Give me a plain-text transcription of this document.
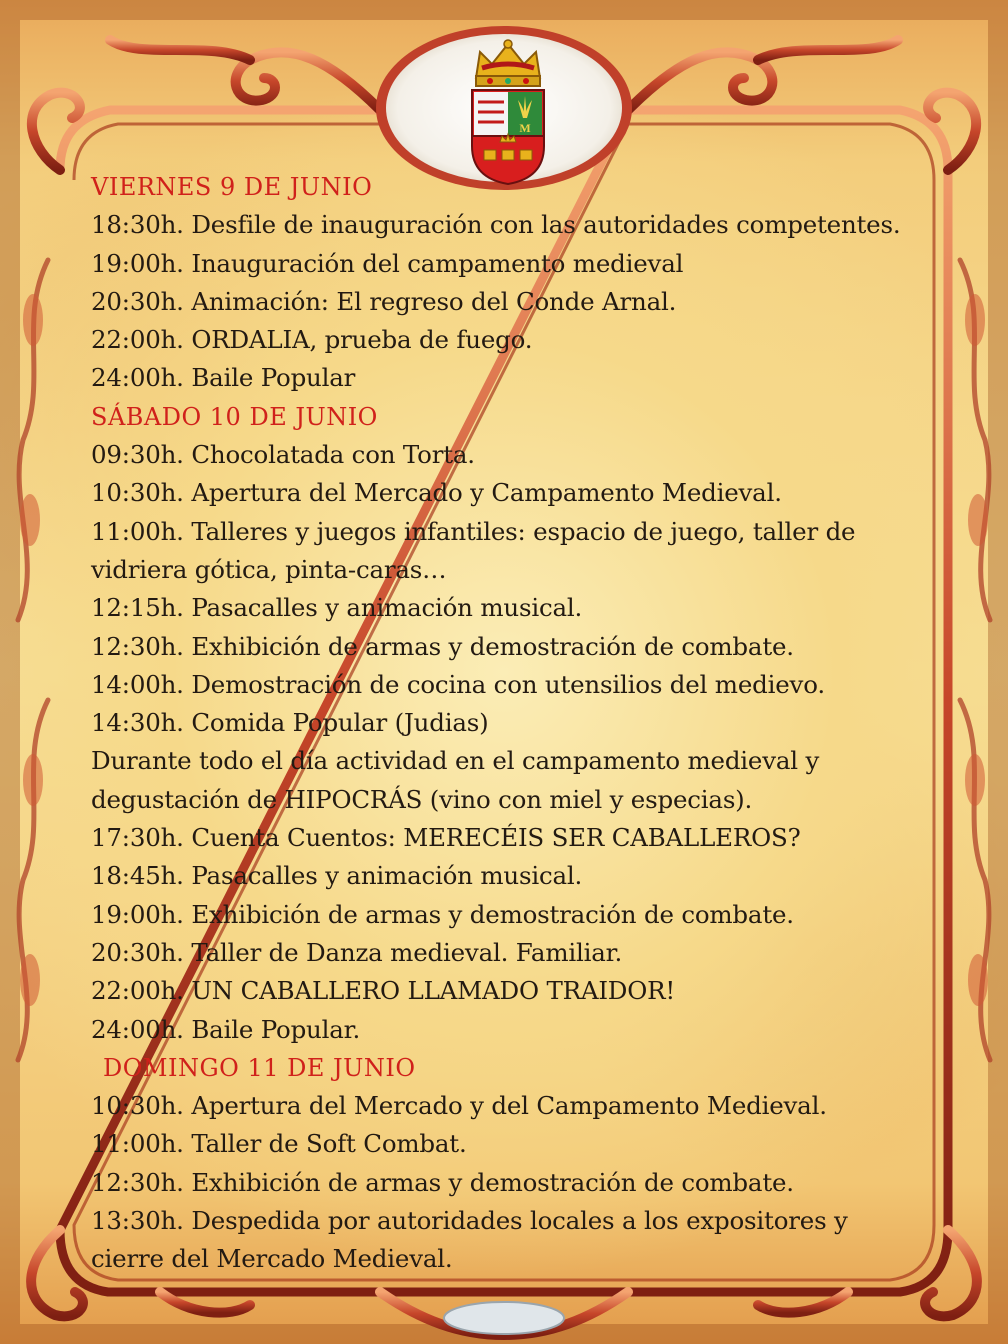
M
VIERNES 9 DE JUNIO
18:30h. Desfile de inauguración con las autoridades competentes.
19:00h. Inauguración del campamento medieval
20:30h. Animación: El regreso del Conde Arnal.
22:00h. ORDALIA, prueba de fuego.
24:00h. Baile Popular
SÁBADO 10 DE JUNIO
09:30h. Chocolatada con Torta.
10:30h. Apertura del Mercado y Campamento Medieval.
11:00h. Talleres y juegos infantiles: espacio de juego, taller de
vidriera gótica, pinta-caras…
12:15h. Pasacalles y animación musical.
12:30h. Exhibición de armas y demostración de combate.
14:00h. Demostración de cocina con utensilios del medievo.
14:30h. Comida Popular (Judias)
Durante todo el día actividad en el campamento medieval y
degustación de HIPOCRÁS (vino con miel y especias).
17:30h. Cuenta Cuentos: MERECÉIS SER CABALLEROS?
18:45h. Pasacalles y animación musical.
19:00h. Exhibición de armas y demostración de combate.
20:30h. Taller de Danza medieval. Familiar.
22:00h. UN CABALLERO LLAMADO TRAIDOR!
24:00h. Baile Popular.
DOMINGO 11 DE JUNIO
10:30h. Apertura del Mercado y del Campamento Medieval.
11:00h. Taller de Soft Combat.
12:30h. Exhibición de armas y demostración de combate.
13:30h. Despedida por autoridades locales a los expositores y
cierre del Mercado Medieval.
